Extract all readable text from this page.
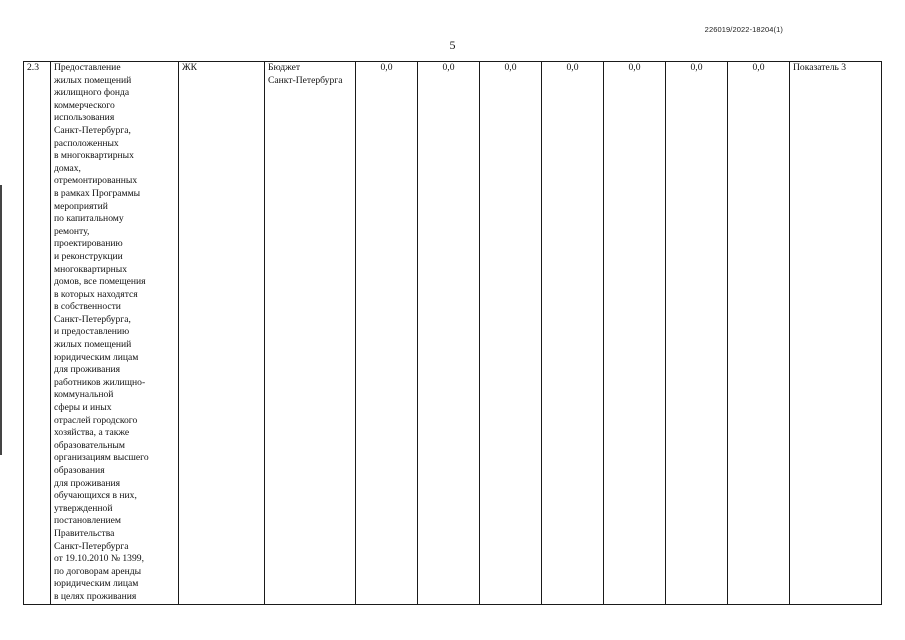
226019/2022-18204(1)
5
2.3	Предоставление
жилых помещений
жилищного фонда
коммерческого
использования
Санкт-Петербурга,
расположенных
в многоквартирных
домах,
отремонтированных
в рамках Программы
мероприятий
по капитальному
ремонту,
проектированию
и реконструкции
многоквартирных
домов, все помещения
в которых находятся
в собственности
Санкт-Петербурга,
и предоставлению
жилых помещений
юридическим лицам
для проживания
работников жилищно-
коммунальной
сферы и иных
отраслей городского
хозяйства, а также
образовательным
организациям высшего
образования
для проживания
обучающихся в них,
утвержденной
постановлением
Правительства
Санкт-Петербурга
от 19.10.2010 № 1399,
по договорам аренды
юридическим лицам
в целях проживания
	ЖК	Бюджет
Санкт-Петербурга
	0,0	0,0	0,0	0,0	0,0	0,0	0,0	Показатель 3
